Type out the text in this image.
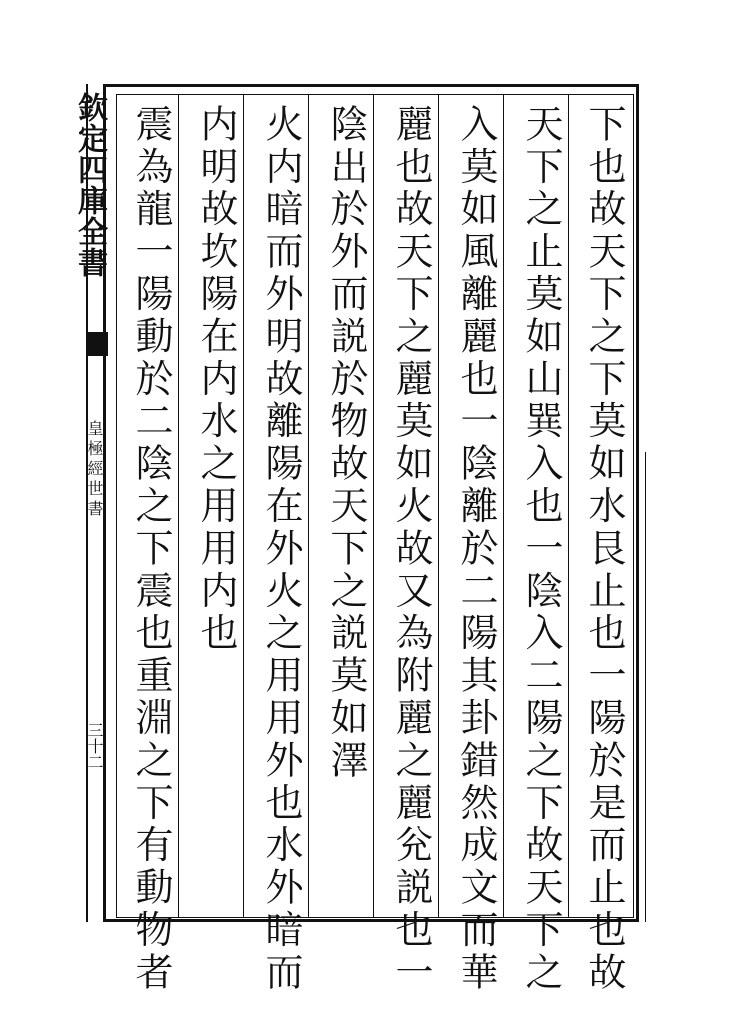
欽定四庫全書
皇極經世書
三十二	下也故天下之下莫如水艮止也一陽於是而止也故
天下之止莫如山巽入也一陰入二陽之下故天下之
入莫如風離麗也一陰離於二陽其卦錯然成文而華
麗也故天下之麗莫如火故又為附麗之麗兊説也一
陰出於外而説於物故天下之説莫如澤
火内暗而外明故離陽在外火之用用外也水外暗而
内明故坎陽在内水之用用内也
震為龍一陽動於二陰之下震也重淵之下有動物者
